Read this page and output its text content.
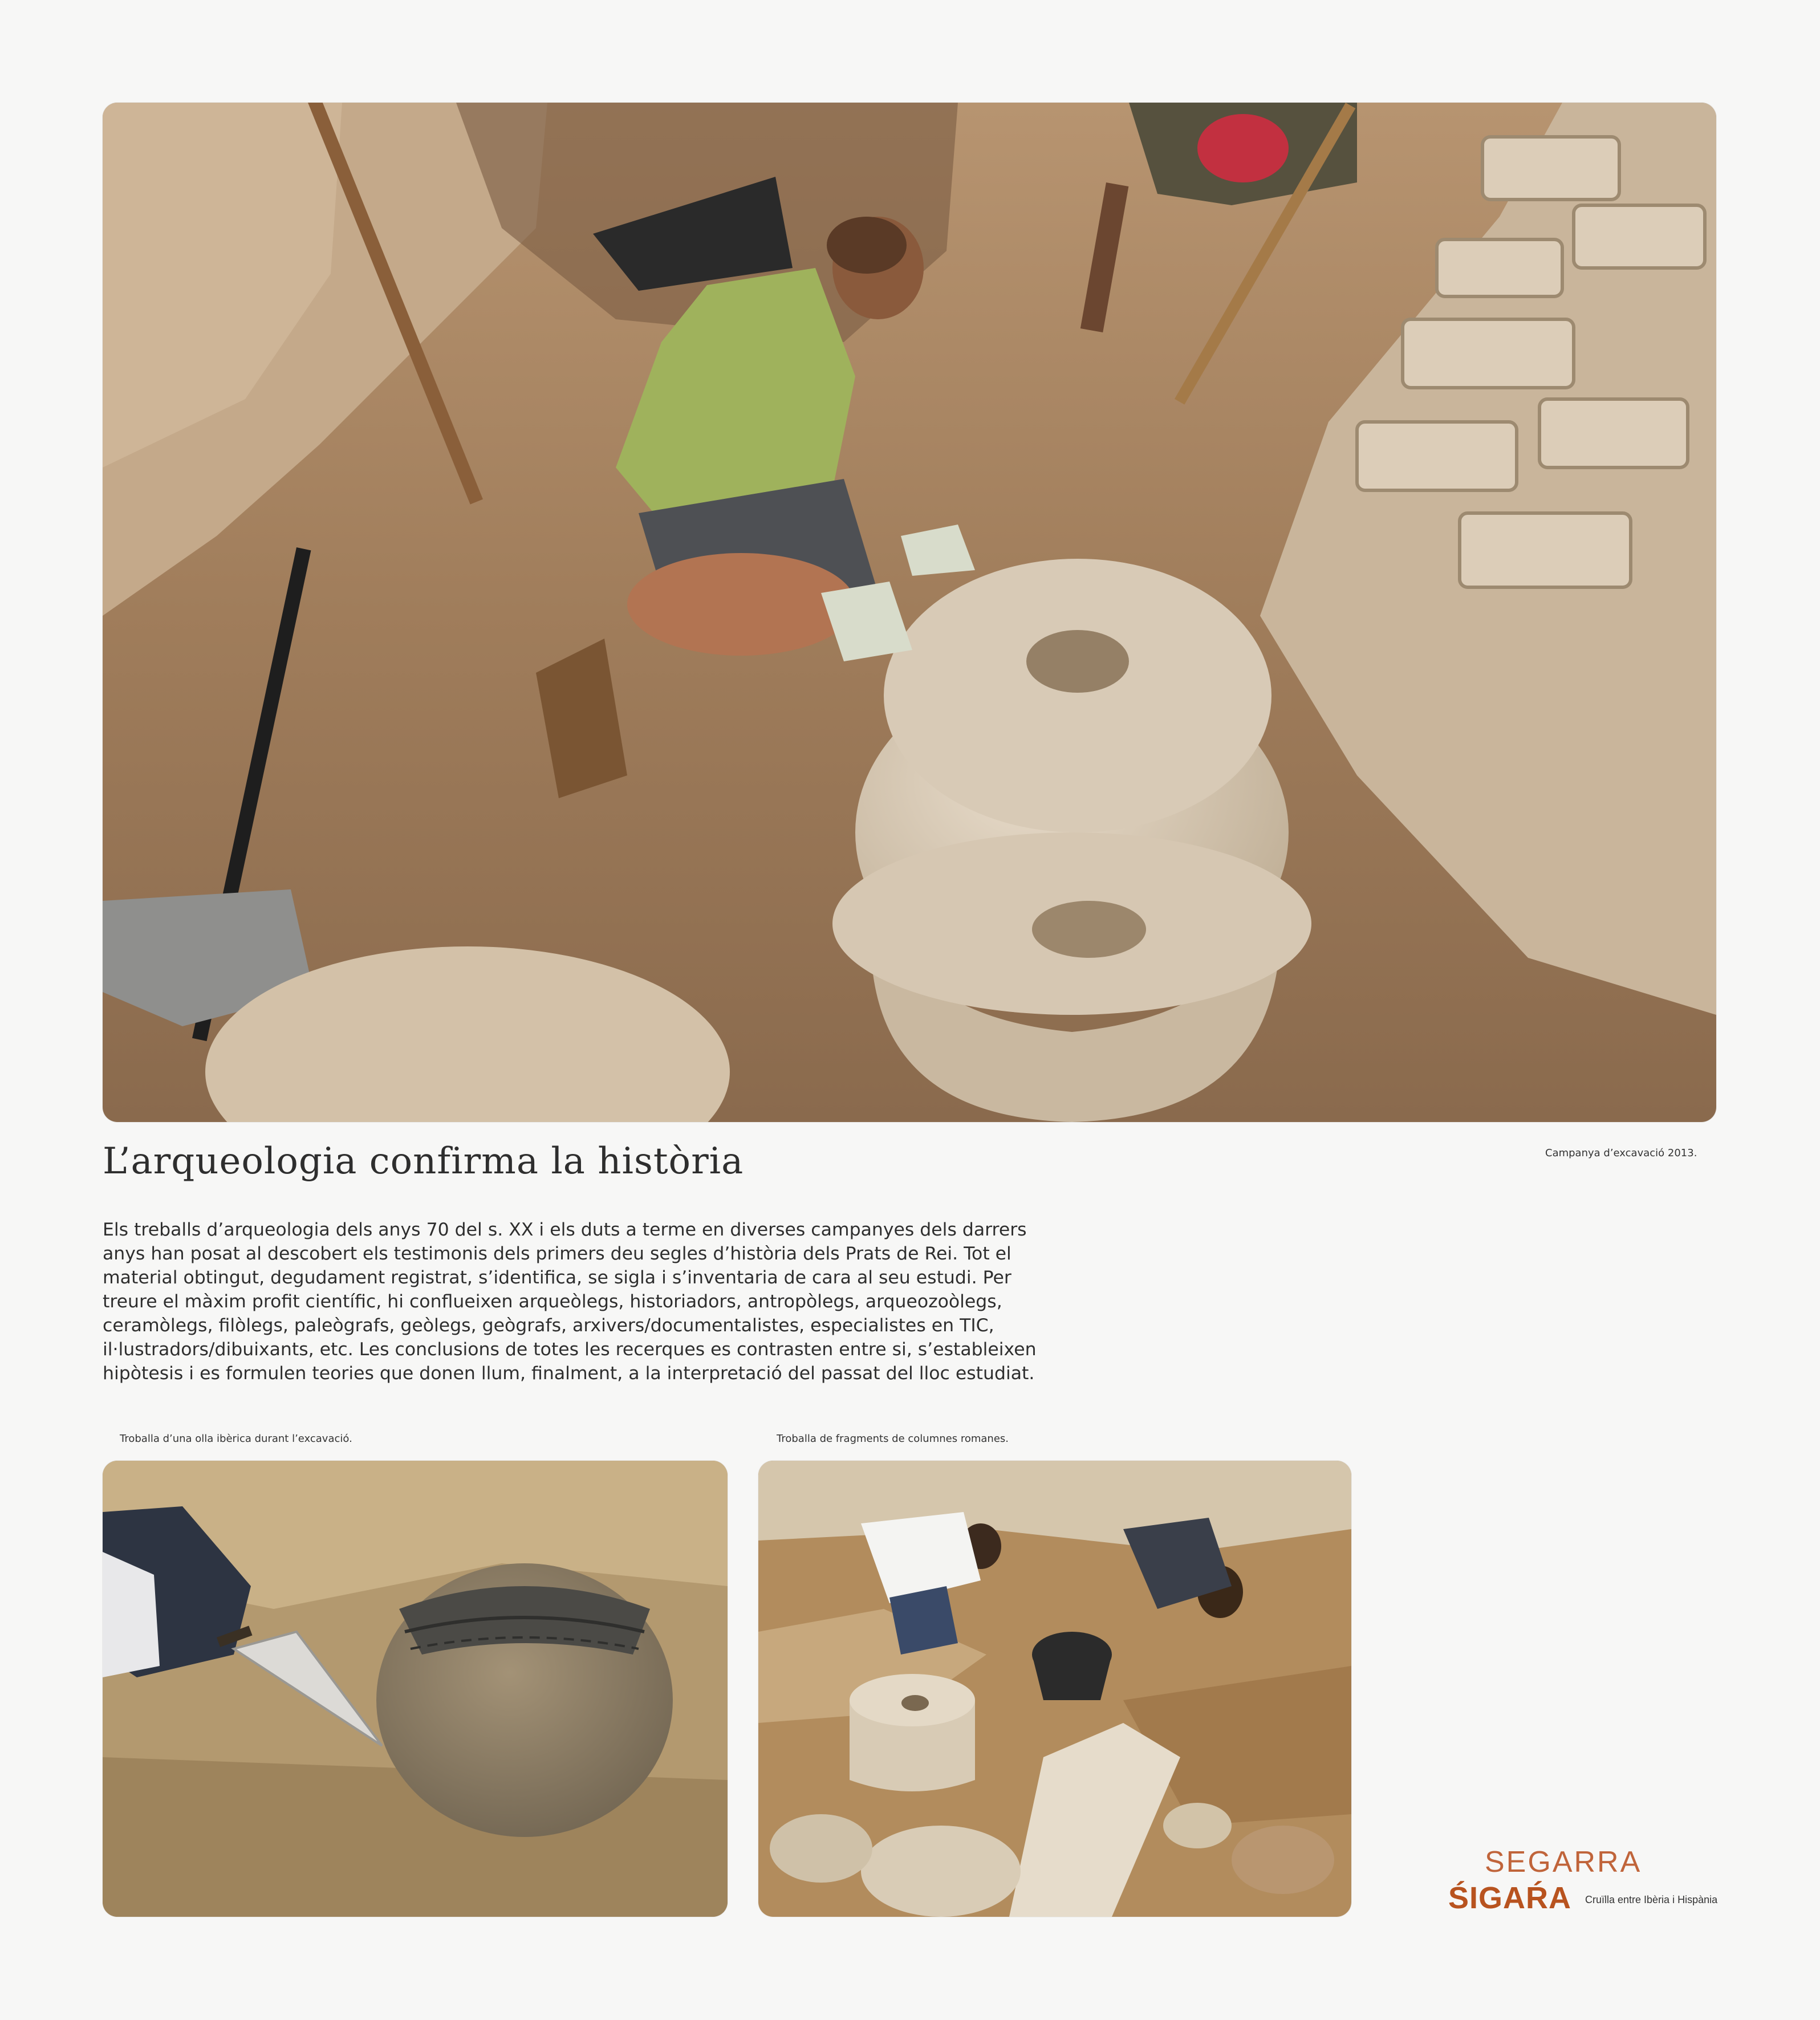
L’arqueologia confirma la història	Campanya d’excavació 2013.

Els treballs d’arqueologia dels anys 70 del s. XX i els duts a terme en diverses campanyes dels darrers anys han posat al descobert els testimonis dels primers deu segles d’història dels Prats de Rei. Tot el material obtingut, degudament registrat, s’identifica, se sigla i s’inventaria de cara al seu estudi. Per treure el màxim profit científic, hi conflueixen arqueòlegs, historiadors, antropòlegs, arqueozoòlegs, ceramòlegs, filòlegs, paleògrafs, geòlegs, geògrafs, arxivers/documentalistes, especialistes en TIC, il·lustradors/dibuixants, etc. Les conclusions de totes les recerques es contrasten entre si, s’estableixen hipòtesis i es formulen teories que donen llum, finalment, a la interpretació del passat del lloc estudiat.

Troballa d’una olla ibèrica durant l’excavació.	Troballa de fragments de columnes romanes.
SEGARRA
ŚIGAŔA Cruïlla entre Ibèria i Hispània
